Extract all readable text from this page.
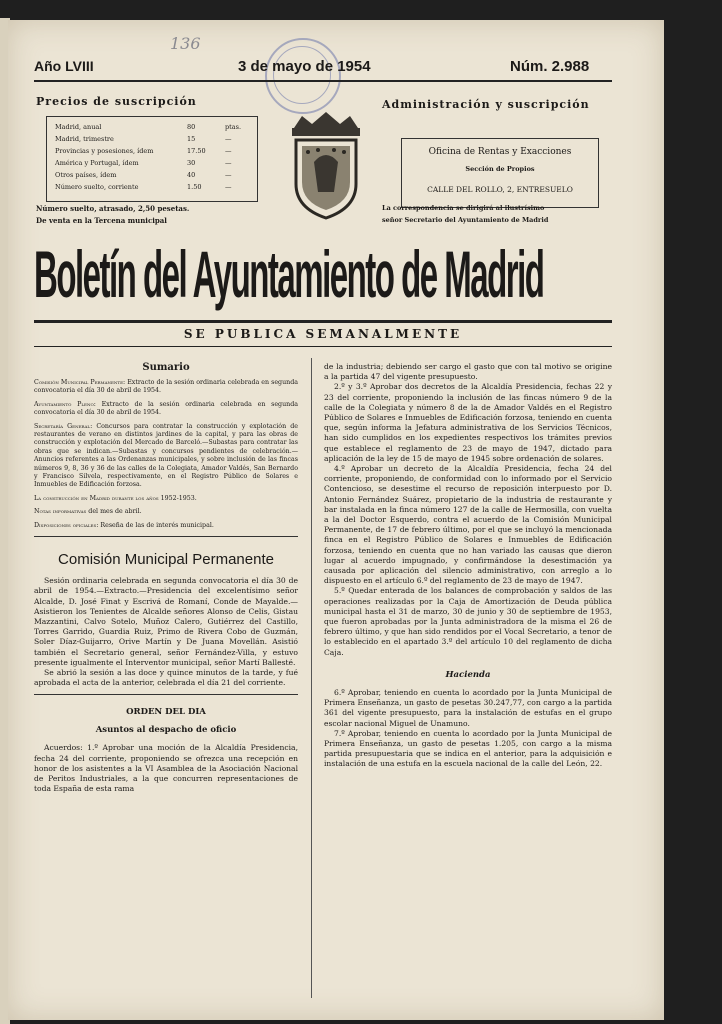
136
Año LVIII	3 de mayo de 1954	Núm. 2.988
Precios de suscripción
Madrid, anual	80	ptas.
Madrid, trimestre	15	—
Provincias y posesiones, ídem	17.50	—
América y Portugal, ídem	30	—
Otros países, ídem	40	—
Número suelto, corriente	1.50	—
Número suelto, atrasado, 2,50 pesetas.
De venta en la Tercena municipal
Administración y suscripción
Oficina de Rentas y Exacciones
Sección de Propios
CALLE DEL ROLLO, 2, ENTRESUELO
La correspondencia se dirigirá al ilustrísimo
señor Secretario del Ayuntamiento de Madrid
Boletín del Ayuntamiento de Madrid
SE PUBLICA SEMANALMENTE
Sumario

Comisión Municipal Permanente: Extracto de la sesión ordinaria celebrada en segunda convocatoria el día 30 de abril de 1954.

Ayuntamiento Pleno: Extracto de la sesión ordinaria celebrada en segunda convocatoria el día 30 de abril de 1954.

Secretaría General: Concursos para contratar la construcción y explotación de restaurantes de verano en distintos jardines de la capital, y para las obras de construcción y explotación del Mercado de Barceló.—Subastas para contratar las obras que se indican.—Subastas y concursos pendientes de celebración.—Anuncios referentes a las Ordenanzas municipales, y sobre inclusión de las fincas números 9, 8, 36 y 36 de las calles de la Colegiata, Amador Valdés, San Bernardo y Francisco Silvela, respectivamente, en el Registro Público de Solares e Inmuebles de Edificación forzosa.

La construcción en Madrid durante los años 1952-1953.

Notas informativas del mes de abril.

Disposiciones oficiales: Reseña de las de interés municipal.

Comisión Municipal Permanente

Sesión ordinaria celebrada en segunda convocatoria el día 30 de abril de 1954.—Extracto.—Presidencia del excelentísimo señor Alcalde, D. José Finat y Escrivá de Romaní, Conde de Mayalde.—Asistieron los Tenientes de Alcalde señores Alonso de Celis, Gistau Mazzantini, Calvo Sotelo, Muñoz Calero, Gutiérrez del Castillo, Torres Garrido, Guardia Ruiz, Primo de Rivera Cobo de Guzmán, Soler Díaz-Guijarro, Orive Martín y De Juana Movellán. Asistió también el Secretario general, señor Fernández-Villa, y estuvo presente igualmente el Interventor municipal, señor Martí Ballesté.

Se abrió la sesión a las doce y quince minutos de la tarde, y fué aprobada el acta de la anterior, celebrada el día 21 del corriente.

ORDEN DEL DIA
Asuntos al despacho de oficio

Acuerdos: 1.º Aprobar una moción de la Alcaldía Presidencia, fecha 24 del corriente, proponiendo se ofrezca una recepción en honor de los asistentes a la VI Asamblea de la Asociación Nacional de Peritos Industriales, a la que concurren representaciones de toda España de esta rama

de la industria; debiendo ser cargo el gasto que con tal motivo se origine a la partida 47 del vigente presupuesto.

2.º y 3.º Aprobar dos decretos de la Alcaldía Presidencia, fechas 22 y 23 del corriente, proponiendo la inclusión de las fincas número 9 de la calle de la Colegiata y número 8 de la de Amador Valdés en el Registro Público de Solares e Inmuebles de Edificación forzosa, teniendo en cuenta que, según informa la Jefatura administrativa de los Servicios Técnicos, han sido cumplidos en los expedientes respectivos los trámites previos que establece el reglamento de 23 de mayo de 1947, dictado para aplicación de la ley de 15 de mayo de 1945 sobre ordenación de solares.

4.º Aprobar un decreto de la Alcaldía Presidencia, fecha 24 del corriente, proponiendo, de conformidad con lo informado por el Servicio Contencioso, se desestime el recurso de reposición interpuesto por D. Antonio Fernández Suárez, propietario de la industria de restaurante y bar instalada en la finca número 127 de la calle de Hermosilla, con vuelta a la del Doctor Esquerdo, contra el acuerdo de la Comisión Municipal Permanente, de 17 de febrero último, por el que se incluyó la mencionada finca en el Registro Público de Solares e Inmuebles de Edificación forzosa, teniendo en cuenta que no han variado las causas que dieron lugar al acuerdo impugnado, y confirmándose la desestimación ya causada por aplicación del silencio administrativo, con arreglo a lo dispuesto en el artículo 6.º del reglamento de 23 de mayo de 1947.

5.º Quedar enterada de los balances de comprobación y saldos de las operaciones realizadas por la Caja de Amortización de Deuda pública municipal hasta el 31 de marzo, 30 de junio y 30 de septiembre de 1953, que fueron aprobadas por la Junta administradora de la misma el 26 de febrero último, y que han sido rendidos por el Vocal Secretario, a tenor de lo establecido en el apartado 3.º del artículo 10 del reglamento de dicha Caja.

Hacienda

6.º Aprobar, teniendo en cuenta lo acordado por la Junta Municipal de Primera Enseñanza, un gasto de pesetas 30.247,77, con cargo a la partida 361 del vigente presupuesto, para la instalación de estufas en el grupo escolar nacional Miguel de Unamuno.

7.º Aprobar, teniendo en cuenta lo acordado por la Junta Municipal de Primera Enseñanza, un gasto de pesetas 1.205, con cargo a la misma partida presupuestaria que se indica en el anterior, para la adquisición e instalación de una estufa en la escuela nacional de la calle del León, 22.
